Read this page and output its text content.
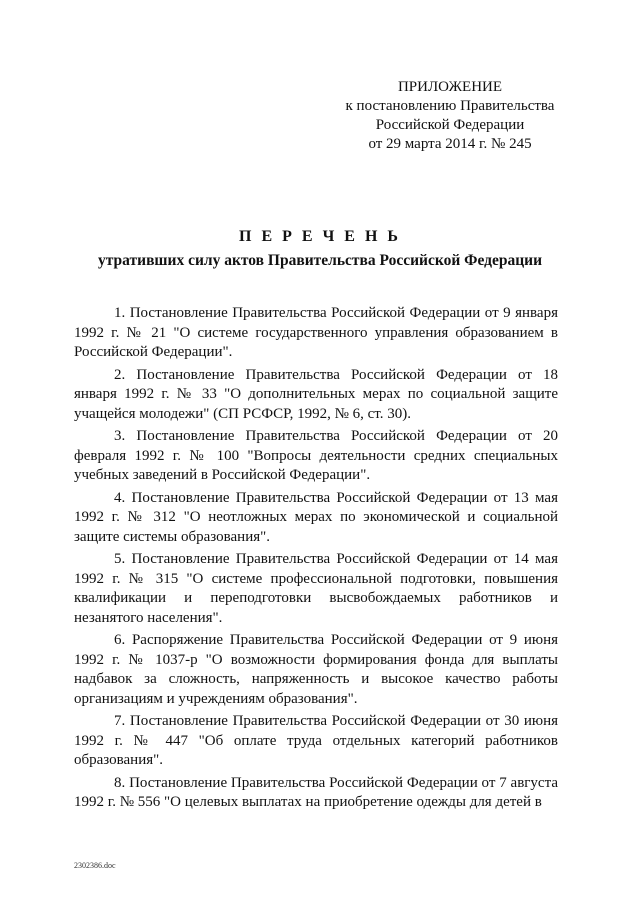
ПРИЛОЖЕНИЕ
к постановлению Правительства
Российской Федерации
от 29 марта 2014 г. № 245
П Е Р Е Ч Е Н Ь
утративших силу актов Правительства Российской Федерации

1. Постановление Правительства Российской Федерации от 9 января 1992 г. № 21 "О системе государственного управления образованием в Российской Федерации".

2. Постановление Правительства Российской Федерации от 18 января 1992 г. № 33 "О дополнительных мерах по социальной защите учащейся молодежи" (СП РСФСР, 1992, № 6, ст. 30).

3. Постановление Правительства Российской Федерации от 20 февраля 1992 г. № 100 "Вопросы деятельности средних специальных учебных заведений в Российской Федерации".

4. Постановление Правительства Российской Федерации от 13 мая 1992 г. № 312 "О неотложных мерах по экономической и социальной защите системы образования".

5. Постановление Правительства Российской Федерации от 14 мая 1992 г. № 315 "О системе профессиональной подготовки, повышения квалификации и переподготовки высвобождаемых работников и незанятого населения".

6. Распоряжение Правительства Российской Федерации от 9 июня 1992 г. № 1037-р "О возможности формирования фонда для выплаты надбавок за сложность, напряженность и высокое качество работы организациям и учреждениям образования".

7. Постановление Правительства Российской Федерации от 30 июня 1992 г. № 447 "Об оплате труда отдельных категорий работников образования".

8. Постановление Правительства Российской Федерации от 7 августа 1992 г. № 556 "О целевых выплатах на приобретение одежды для детей в

2302386.doc
